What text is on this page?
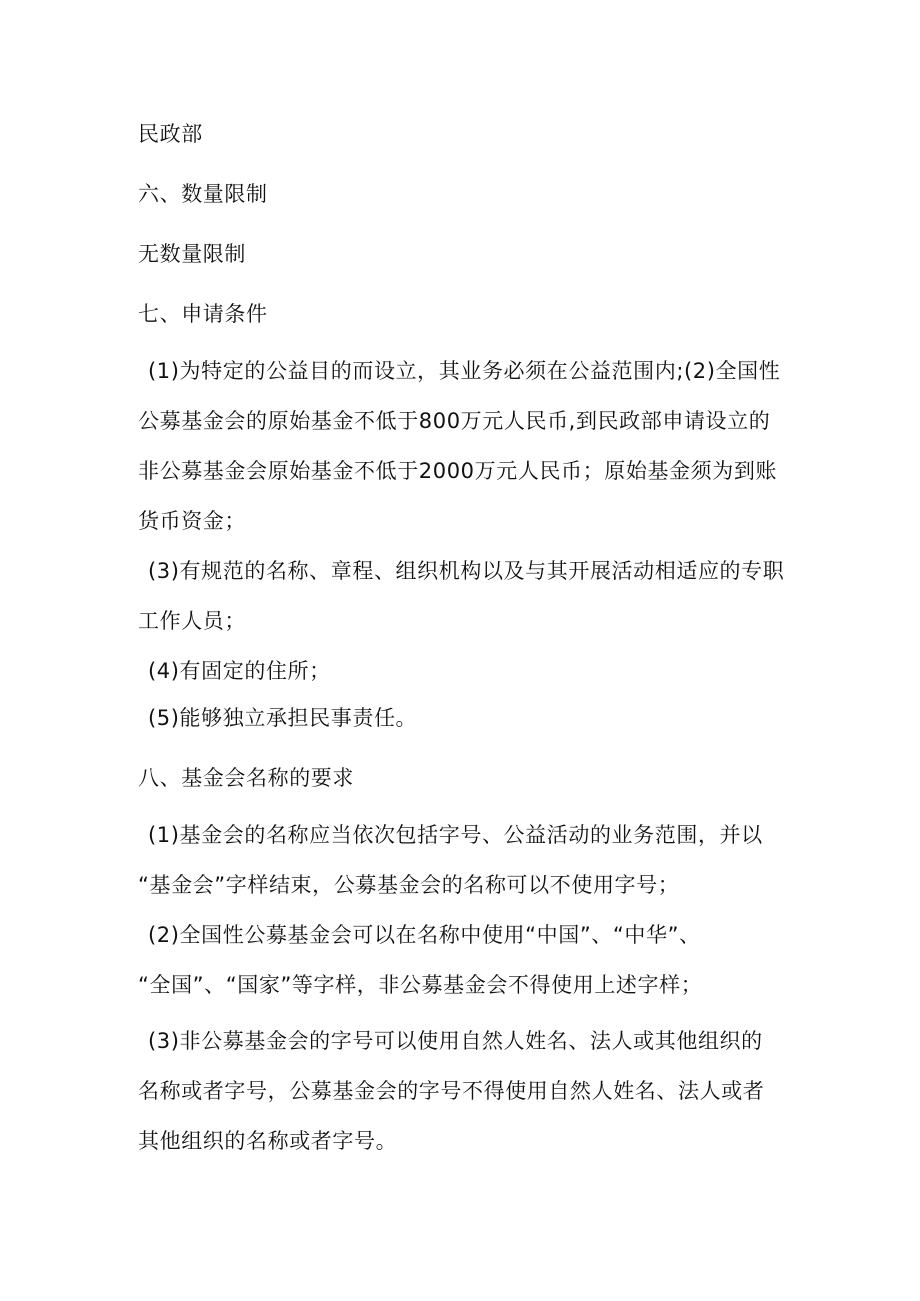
民政部
六、数量限制
无数量限制
七、申请条件
(1)为特定的公益目的而设立，其业务必须在公益范围内;(2)全国性
公募基金会的原始基金不低于800万元人民币,到民政部申请设立的
非公募基金会原始基金不低于2000万元人民币；原始基金须为到账
货币资金；
(3)有规范的名称、章程、组织机构以及与其开展活动相适应的专职
工作人员；
(4)有固定的住所；
(5)能够独立承担民事责任。
八、基金会名称的要求
(1)基金会的名称应当依次包括字号、公益活动的业务范围，并以
“基金会”字样结束，公募基金会的名称可以不使用字号；
(2)全国性公募基金会可以在名称中使用“中国”、“中华”、
“全国”、“国家”等字样，非公募基金会不得使用上述字样；
(3)非公募基金会的字号可以使用自然人姓名、法人或其他组织的
名称或者字号，公募基金会的字号不得使用自然人姓名、法人或者
其他组织的名称或者字号。
